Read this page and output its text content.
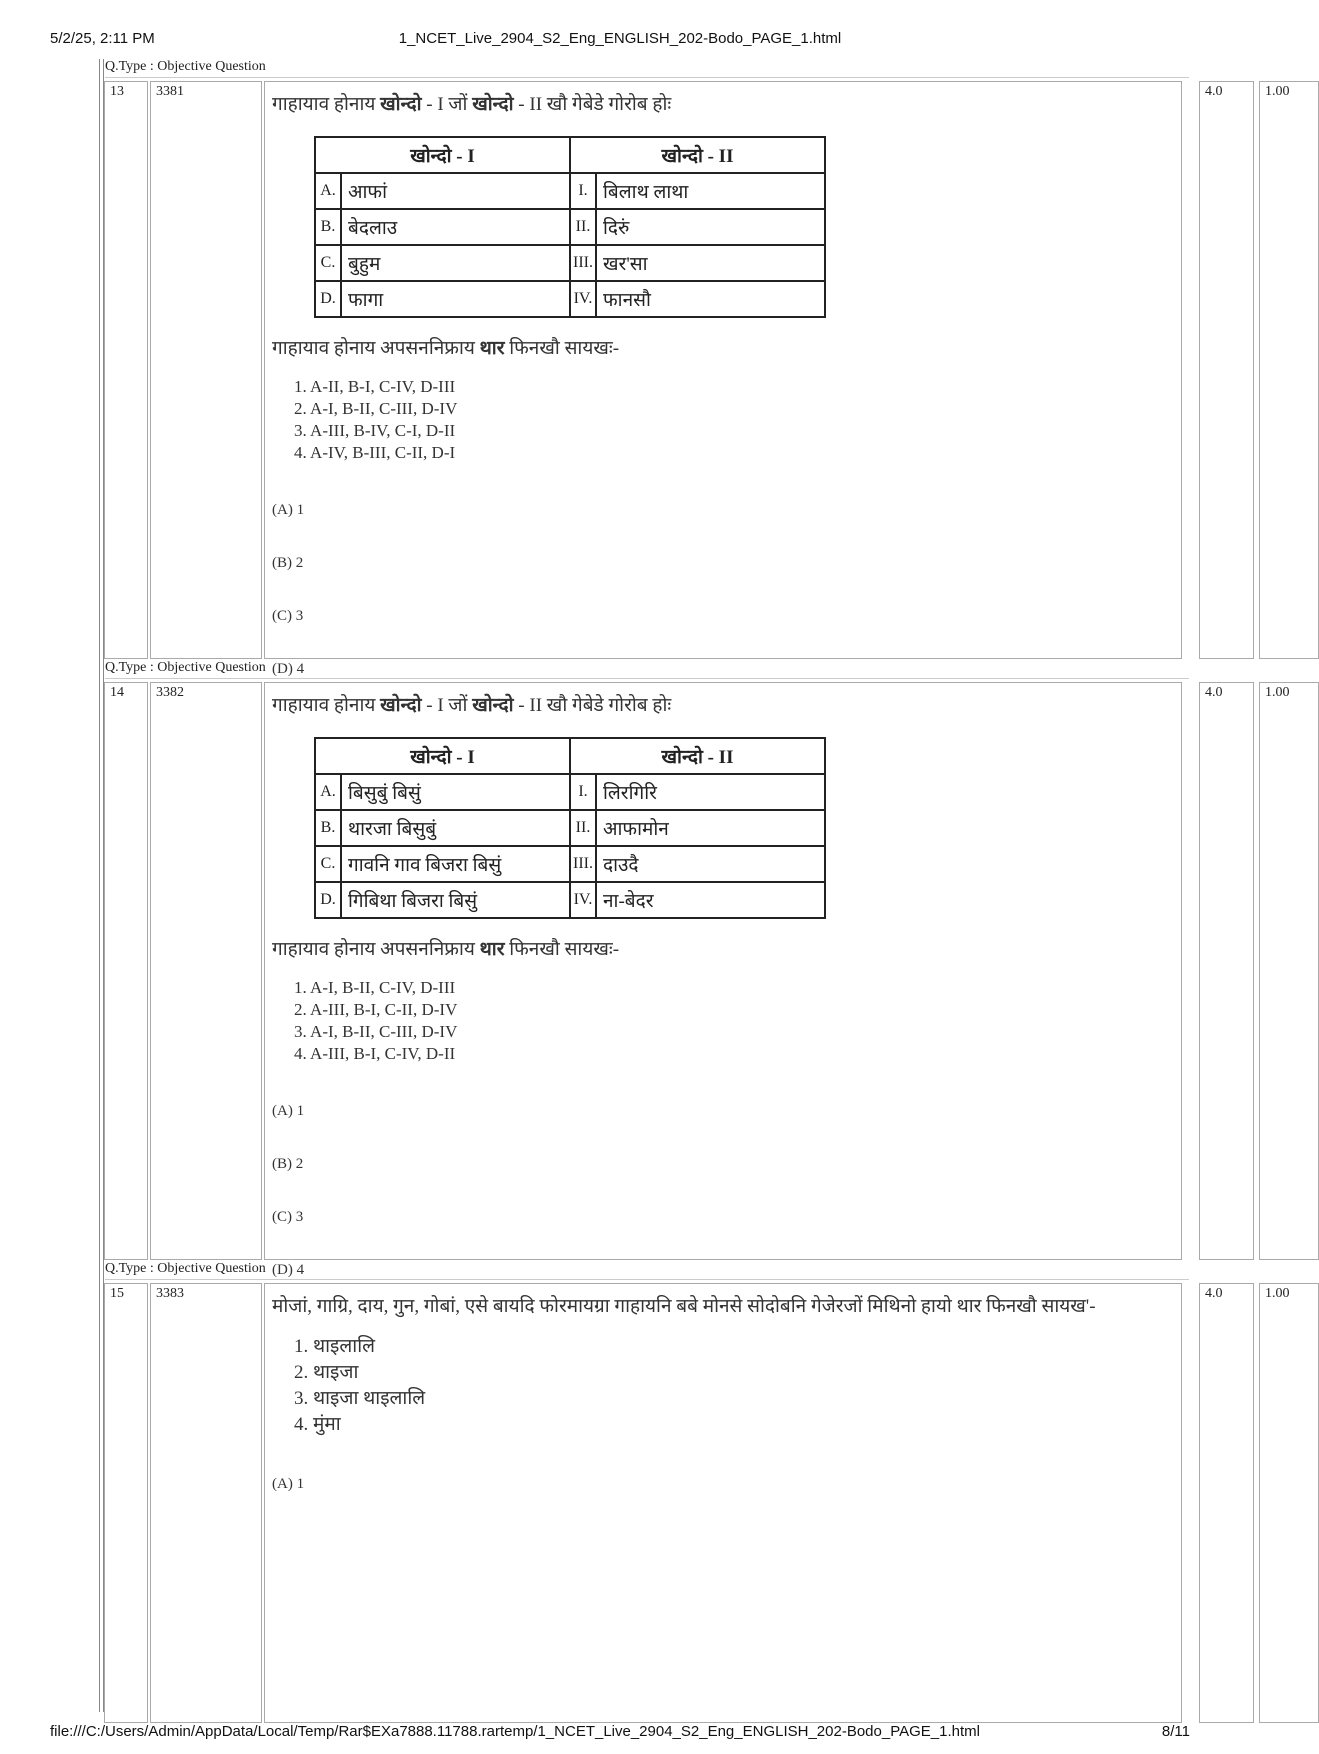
5/2/25, 2:11 PM	1_NCET_Live_2904_S2_Eng_ENGLISH_202-Bodo_PAGE_1.html
Q.Type : Objective Question
13	3381
गाहायाव होनाय खोन्दो - I जों खोन्दो - II खौ गेबेडे गोरोब होः
खोन्दो - I		खोन्दो - II	
A.	आफां	I.	बिलाथ लाथा
B.	बेदलाउ	II.	दिरुं
C.	बुहुम	III.	खर'सा
D.	फागा	IV.	फानसौ
गाहायाव होनाय अपसननिफ्राय थार फिनखौ सायखः-
1. A-II, B-I, C-IV, D-III
2. A-I, B-II, C-III, D-IV
3. A-III, B-IV, C-I, D-II
4. A-IV, B-III, C-II, D-I
(A) 1
(B) 2
(C) 3
(D) 4
4.0	1.00
Q.Type : Objective Question
14	3382
गाहायाव होनाय खोन्दो - I जों खोन्दो - II खौ गेबेडे गोरोब होः
खोन्दो - I		खोन्दो - II	
A.	बिसुबुं बिसुं	I.	लिरगिरि
B.	थारजा बिसुबुं	II.	आफामोन
C.	गावनि गाव बिजरा बिसुं	III.	दाउदै
D.	गिबिथा बिजरा बिसुं	IV.	ना-बेदर
गाहायाव होनाय अपसननिफ्राय थार फिनखौ सायखः-
1. A-I, B-II, C-IV, D-III
2. A-III, B-I, C-II, D-IV
3. A-I, B-II, C-III, D-IV
4. A-III, B-I, C-IV, D-II
(A) 1
(B) 2
(C) 3
(D) 4
4.0	1.00
Q.Type : Objective Question
15	3383
मोजां, गाग्रि, दाय, गुन, गोबां, एसे बायदि फोरमायग्रा गाहायनि बबे मोनसे सोदोबनि गेजेरजों मिथिनो हायो थार फिनखौ सायख'-
1. थाइलालि
2. थाइजा
3. थाइजा थाइलालि
4. मुंमा
(A) 1
4.0	1.00
file:///C:/Users/Admin/AppData/Local/Temp/Rar$EXa7888.11788.rartemp/1_NCET_Live_2904_S2_Eng_ENGLISH_202-Bodo_PAGE_1.html	8/11
